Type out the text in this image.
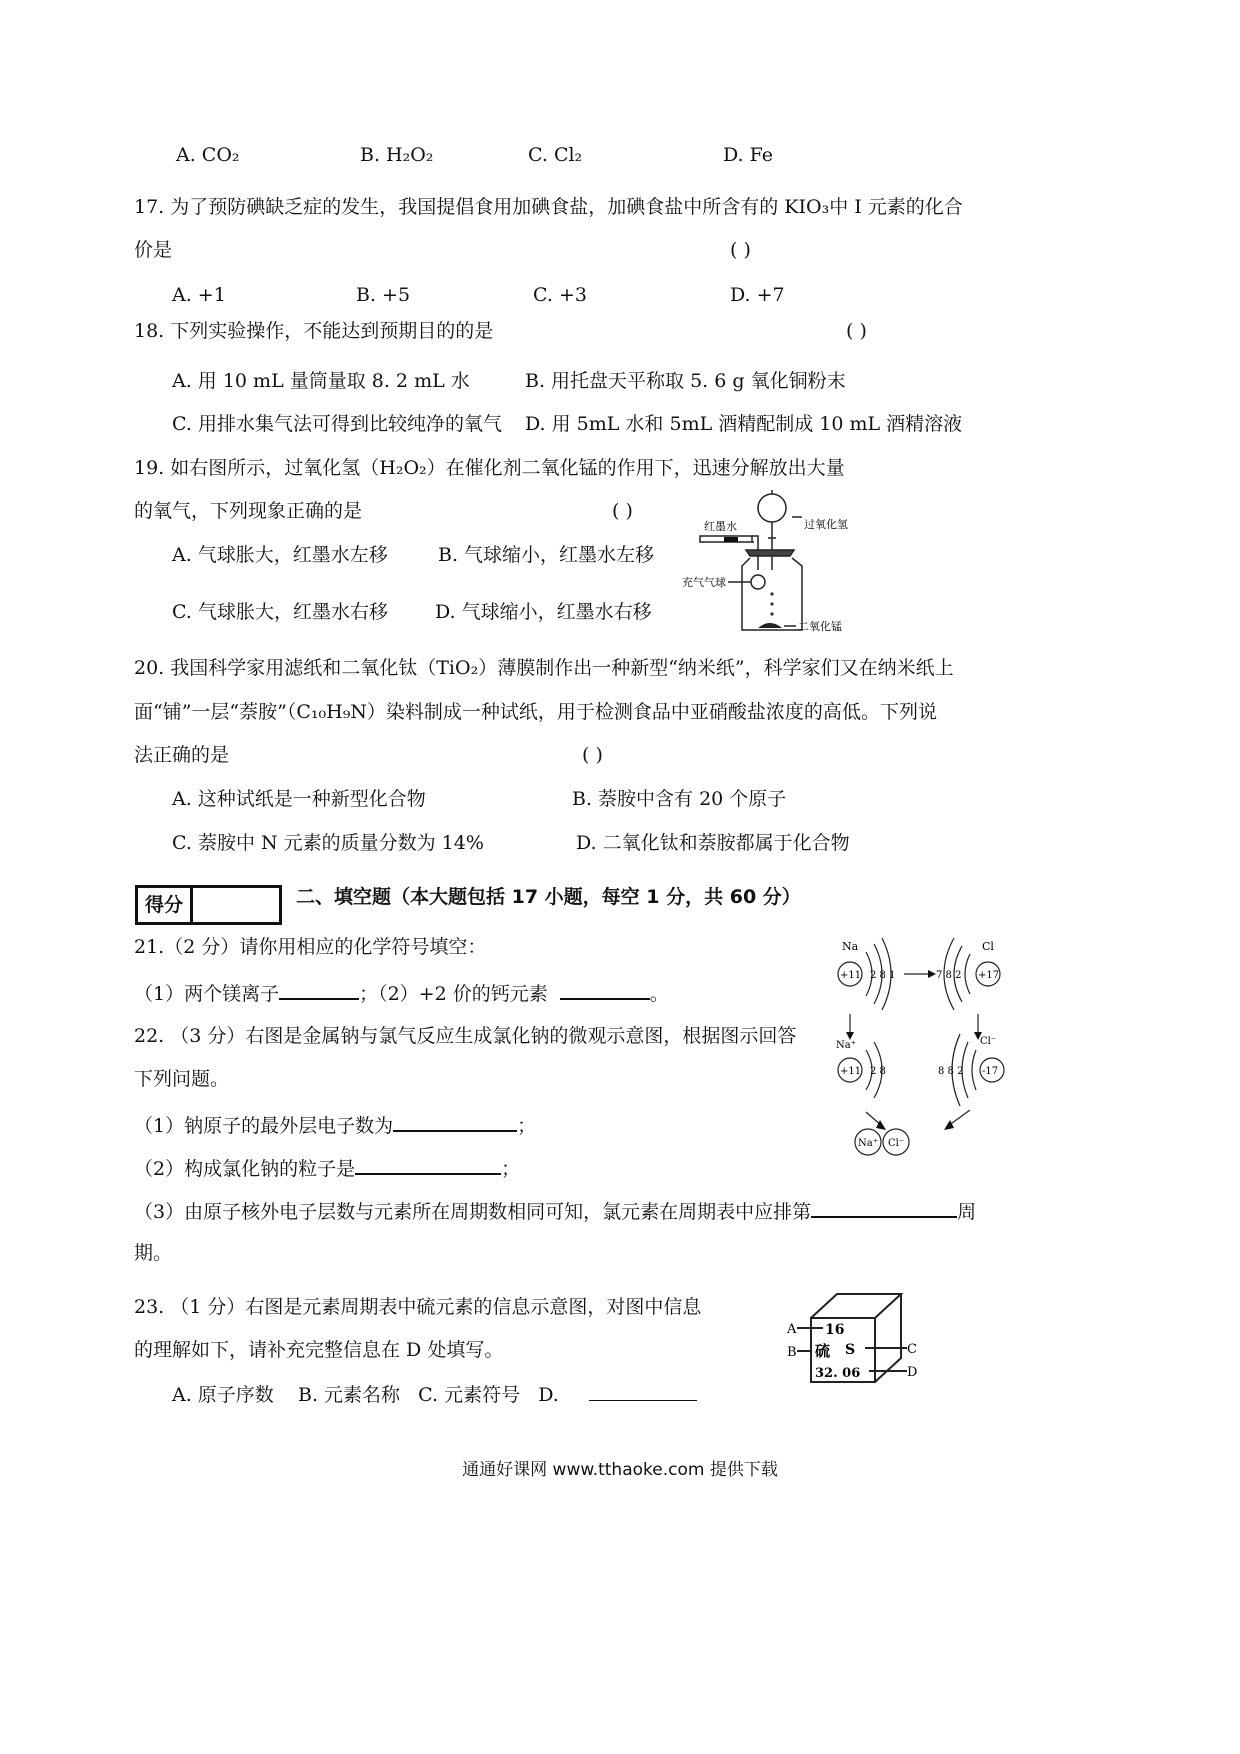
A. CO₂	B. H₂O₂	C. Cl₂	D. Fe
17. 为了预防碘缺乏症的发生，我国提倡食用加碘食盐，加碘食盐中所含有的 KIO₃中 I 元素的化合
价是	( )
A. +1	B. +5	C. +3	D. +7
18. 下列实验操作，不能达到预期目的的是	( )
A. 用 10 mL 量筒量取 8. 2 mL 水	B. 用托盘天平称取 5. 6 g 氧化铜粉末
C. 用排水集气法可得到比较纯净的氧气 D. 用 5mL 水和 5mL 酒精配制成 10 mL 酒精溶液
19. 如右图所示，过氧化氢（H₂O₂）在催化剂二氧化锰的作用下，迅速分解放出大量
的氧气，下列现象正确的是	( )
A. 气球胀大，红墨水左移	B. 气球缩小，红墨水左移
C. 气球胀大，红墨水右移 D. 气球缩小，红墨水右移
红墨水	过氧化氢
充气气球
二氧化锰
20. 我国科学家用滤纸和二氧化钛（TiO₂）薄膜制作出一种新型“纳米纸”，科学家们又在纳米纸上
面“铺”一层“萘胺”（C₁₀H₉N）染料制成一种试纸，用于检测食品中亚硝酸盐浓度的高低。下列说
法正确的是	( )
A. 这种试纸是一种新型化合物	B. 萘胺中含有 20 个原子
C. 萘胺中 N 元素的质量分数为 14%	D. 二氧化钛和萘胺都属于化合物
得分	二、填空题（本大题包括 17 小题，每空 1 分，共 60 分）
21.（2 分）请你用相应的化学符号填空：
（1）两个镁离子	；（2）+2 价的钙元素	。
22. （3 分）右图是金属钠与氯气反应生成氯化钠的微观示意图，根据图示回答
下列问题。
（1）钠原子的最外层电子数为	；
（2）构成氯化钠的粒子是	；
（3）由原子核外电子层数与元素所在周期数相同可知，氯元素在周期表中应排第	周
期。
Na
+11 2 8 1
Cl
+17
7 8 2
Na⁺
+11 2 8
Cl⁻
-17
8 8 2
Na⁺ Cl⁻
23. （1 分）右图是元素周期表中硫元素的信息示意图，对图中信息
的理解如下，请补充完整信息在 D 处填写。
A. 原子序数 B. 元素名称 C. 元素符号 D.
A
B	C
D
16
硫 S
32. 06
通通好课网 www.tthaoke.com 提供下载
